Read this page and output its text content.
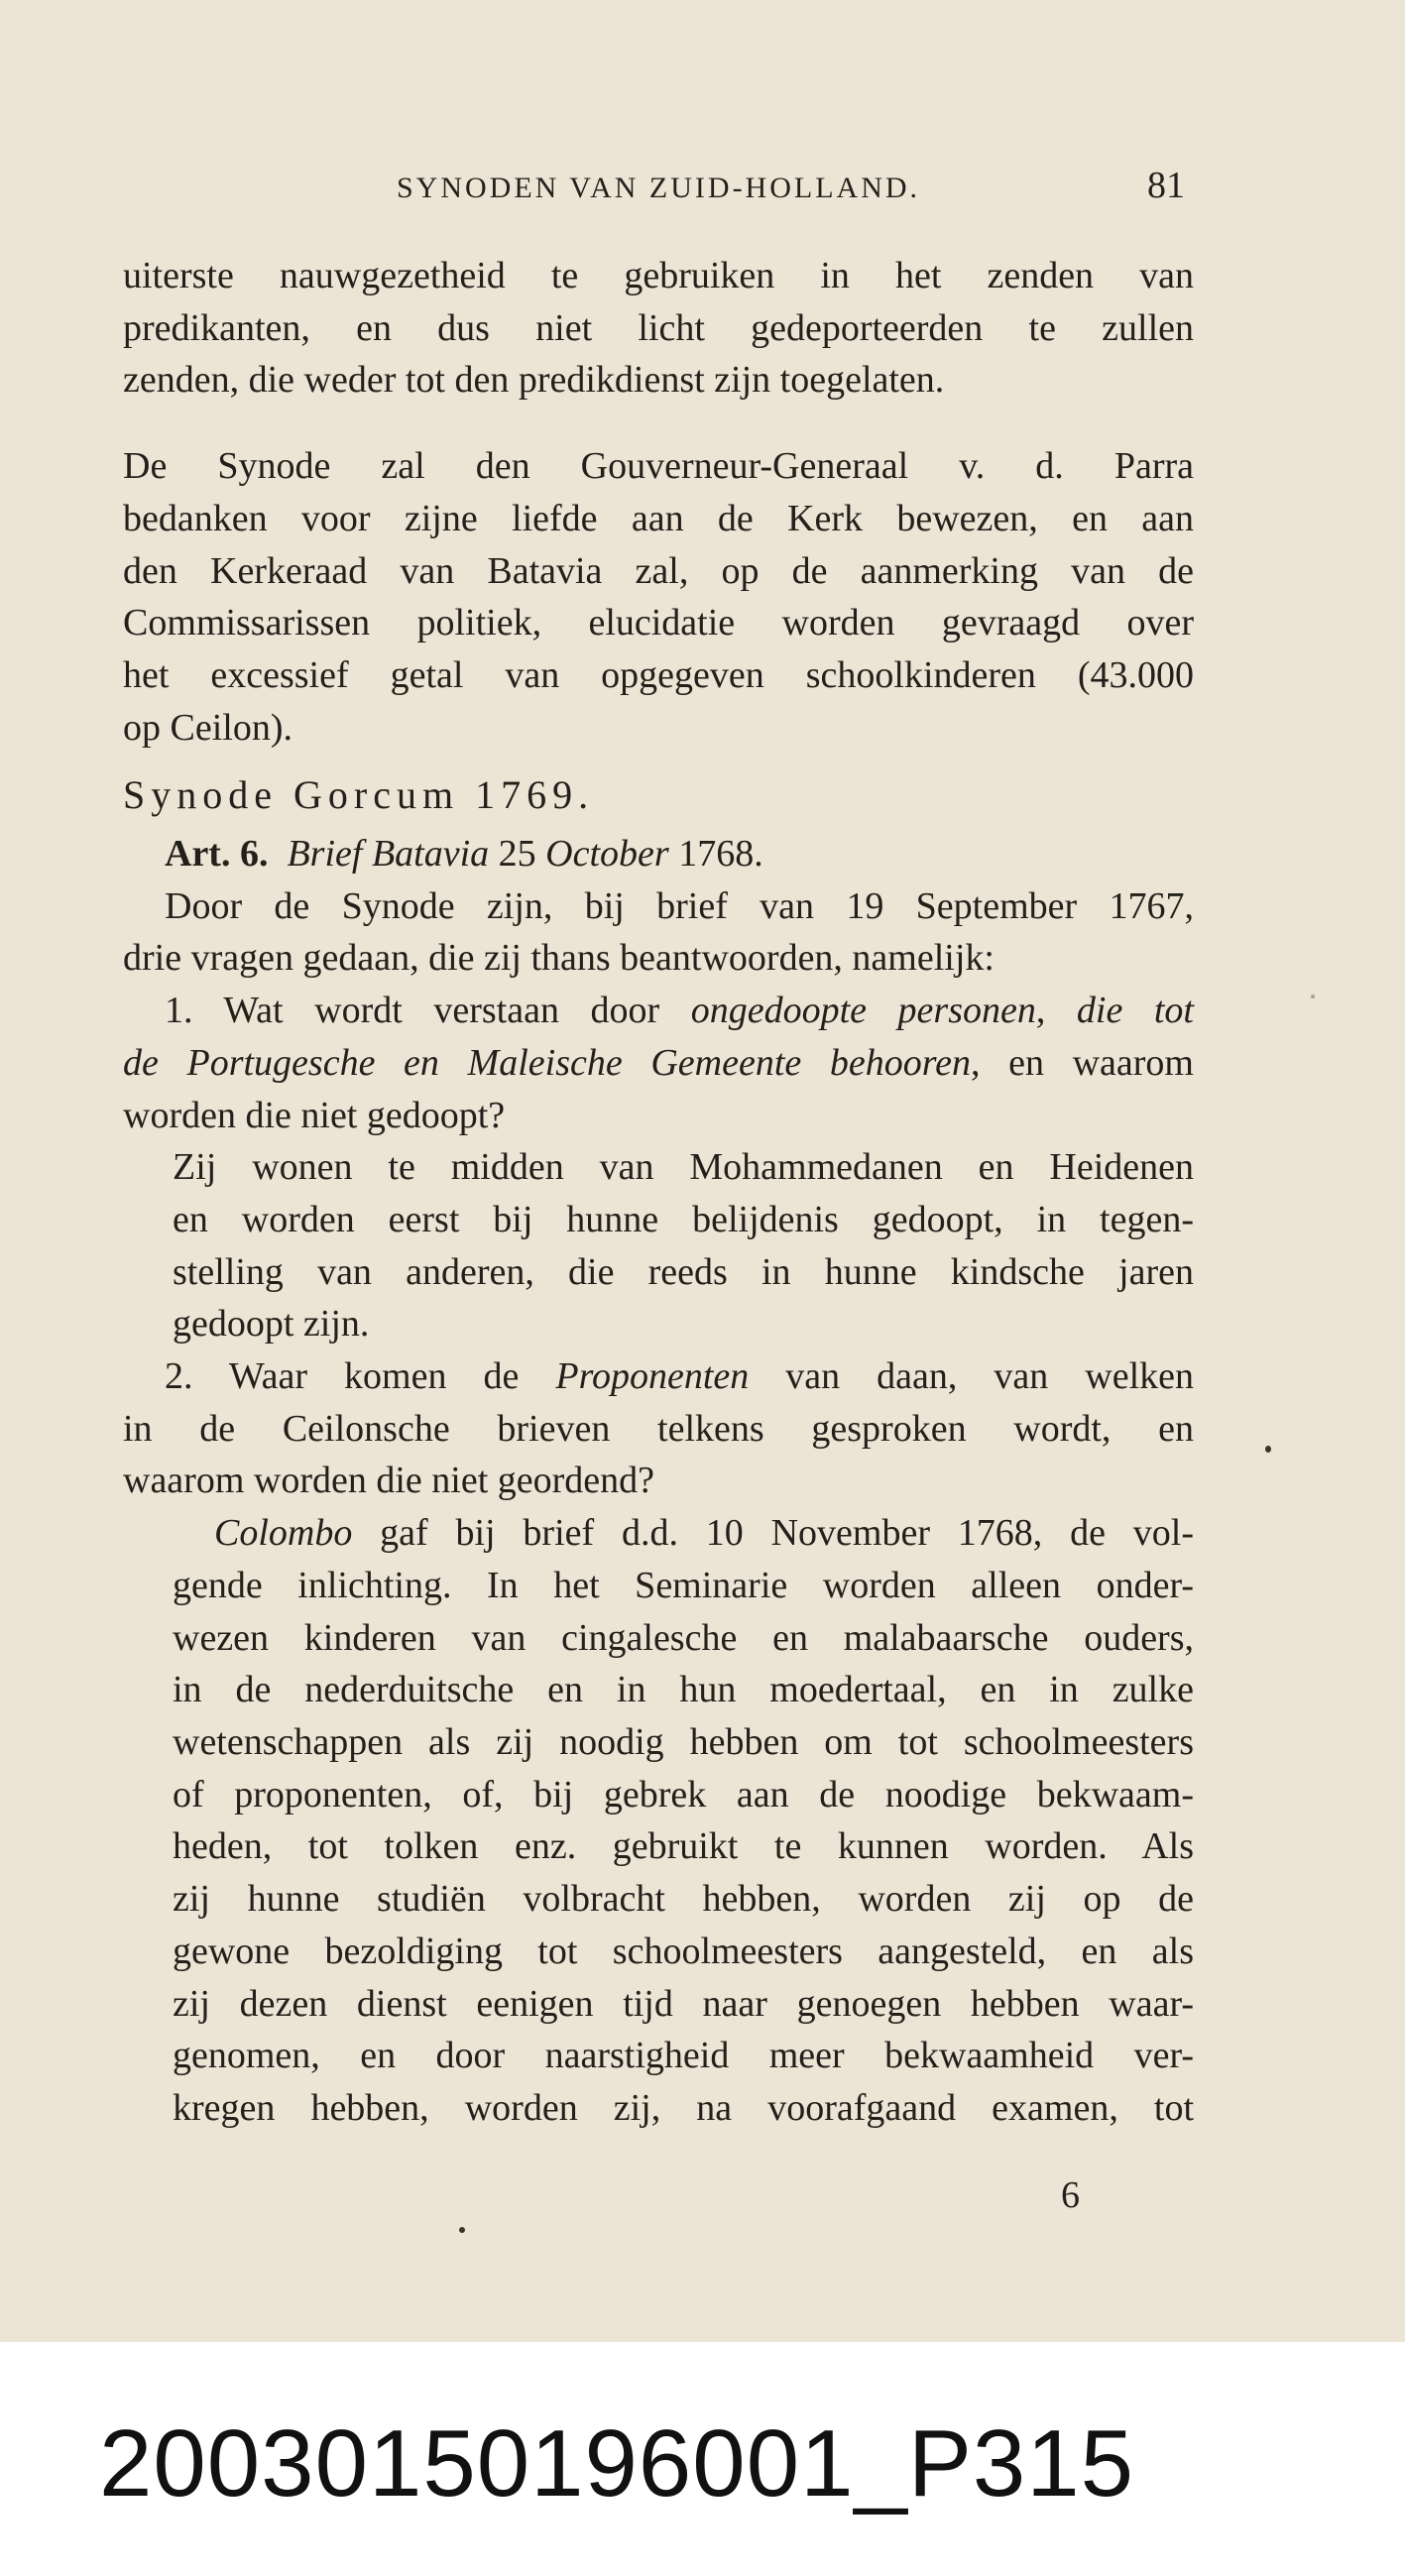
SYNODEN VAN ZUID-HOLLAND.	81

uiterste nauwgezetheid te gebruiken in het zenden van
predikanten, en dus niet licht gedeporteerden te zullen
zenden, die weder tot den predikdienst zijn toegelaten.

De Synode zal den Gouverneur-Generaal v. d. Parra
bedanken voor zijne liefde aan de Kerk bewezen, en aan
den Kerkeraad van Batavia zal, op de aanmerking van de
Commissarissen politiek, elucidatie worden gevraagd over
het excessief getal van opgegeven schoolkinderen (43.000
op Ceilon).

Synode Gorcum 1769.

Art. 6. Brief Batavia 25 October 1768.

Door de Synode zijn, bij brief van 19 September 1767,
drie vragen gedaan, die zij thans beantwoorden, namelijk:

1. Wat wordt verstaan door ongedoopte personen, die tot
de Portugesche en Maleische Gemeente behooren, en waarom
worden die niet gedoopt?

Zij wonen te midden van Mohammedanen en Heidenen
en worden eerst bij hunne belijdenis gedoopt, in tegen-
stelling van anderen, die reeds in hunne kindsche jaren
gedoopt zijn.

2. Waar komen de Proponenten van daan, van welken
in de Ceilonsche brieven telkens gesproken wordt, en
waarom worden die niet geordend?

Colombo gaf bij brief d.d. 10 November 1768, de vol-
gende inlichting. In het Seminarie worden alleen onder-
wezen kinderen van cingalesche en malabaarsche ouders,
in de nederduitsche en in hun moedertaal, en in zulke
wetenschappen als zij noodig hebben om tot schoolmeesters
of proponenten, of, bij gebrek aan de noodige bekwaam-
heden, tot tolken enz. gebruikt te kunnen worden. Als
zij hunne studiën volbracht hebben, worden zij op de
gewone bezoldiging tot schoolmeesters aangesteld, en als
zij dezen dienst eenigen tijd naar genoegen hebben waar-
genomen, en door naarstigheid meer bekwaamheid ver-
kregen hebben, worden zij, na voorafgaand examen, tot

6
20030150196001_P315
